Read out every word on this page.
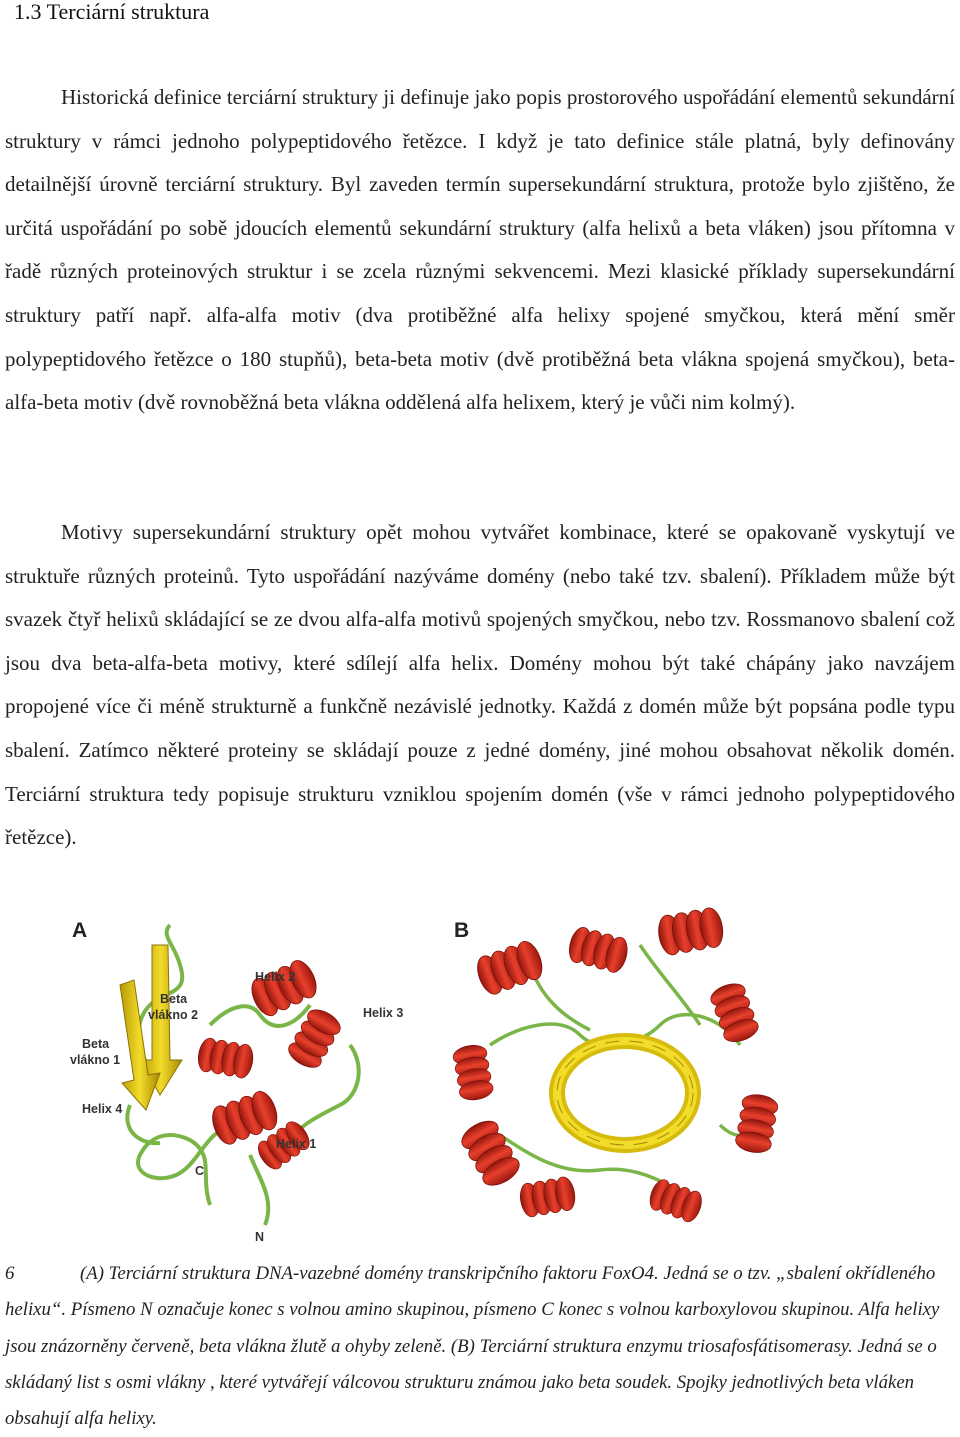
1.3 Terciární struktura

Historická definice terciární struktury ji definuje jako popis prostorového uspořádání elementů sekundární struktury v rámci jednoho polypeptidového řetězce. I když je tato definice stále platná, byly definovány detailnější úrovně terciární struktury. Byl zaveden termín supersekundární struktura, protože bylo zjištěno, že určitá uspořádání po sobě jdoucích elementů sekundární struktury (alfa helixů a beta vláken) jsou přítomna v řadě různých proteinových struktur i se zcela různými sekvencemi. Mezi klasické příklady supersekundární struktury patří např. alfa-alfa motiv (dva protiběžné alfa helixy spojené smyčkou, která mění směr polypeptidového řetězce o 180 stupňů), beta-beta motiv (dvě protiběžná beta vlákna spojená smyčkou), beta-alfa-beta motiv (dvě rovnoběžná beta vlákna oddělená alfa helixem, který je vůči nim kolmý).

Motivy supersekundární struktury opět mohou vytvářet kombinace, které se opakovaně vyskytují ve struktuře různých proteinů. Tyto uspořádání nazýváme domény (nebo také tzv. sbalení). Příkladem může být svazek čtyř helixů skládající se ze dvou alfa-alfa motivů spojených smyčkou, nebo tzv. Rossmanovo sbalení což jsou dva beta-alfa-beta motivy, které sdílejí alfa helix. Domény mohou být také chápány jako navzájem propojené více či méně strukturně a funkčně nezávislé jednotky. Každá z domén může být popsána podle typu sbalení. Zatímco některé proteiny se skládají pouze z jedné domény, jiné mohou obsahovat několik domén. Terciární struktura tedy popisuje strukturu vzniklou spojením domén (vše v rámci jednoho polypeptidového řetězce).

A	B
Helix 2
Helix 3
Beta
vlákno 2
Beta
vlákno 1
Helix 4
Helix 1
C
N

6	(A) Terciární struktura DNA-vazebné domény transkripčního faktoru FoxO4. Jedná se o tzv. „sbalení okřídleného helixu“. Písmeno N označuje konec s volnou amino skupinou, písmeno C konec s volnou karboxylovou skupinou. Alfa helixy jsou znázorněny červeně, beta vlákna žlutě a ohyby zeleně. (B) Terciární struktura enzymu triosafosfátisomerasy. Jedná se o skládaný list s osmi vlákny , které vytvářejí válcovou strukturu známou jako beta soudek. Spojky jednotlivých beta vláken obsahují alfa helixy.
